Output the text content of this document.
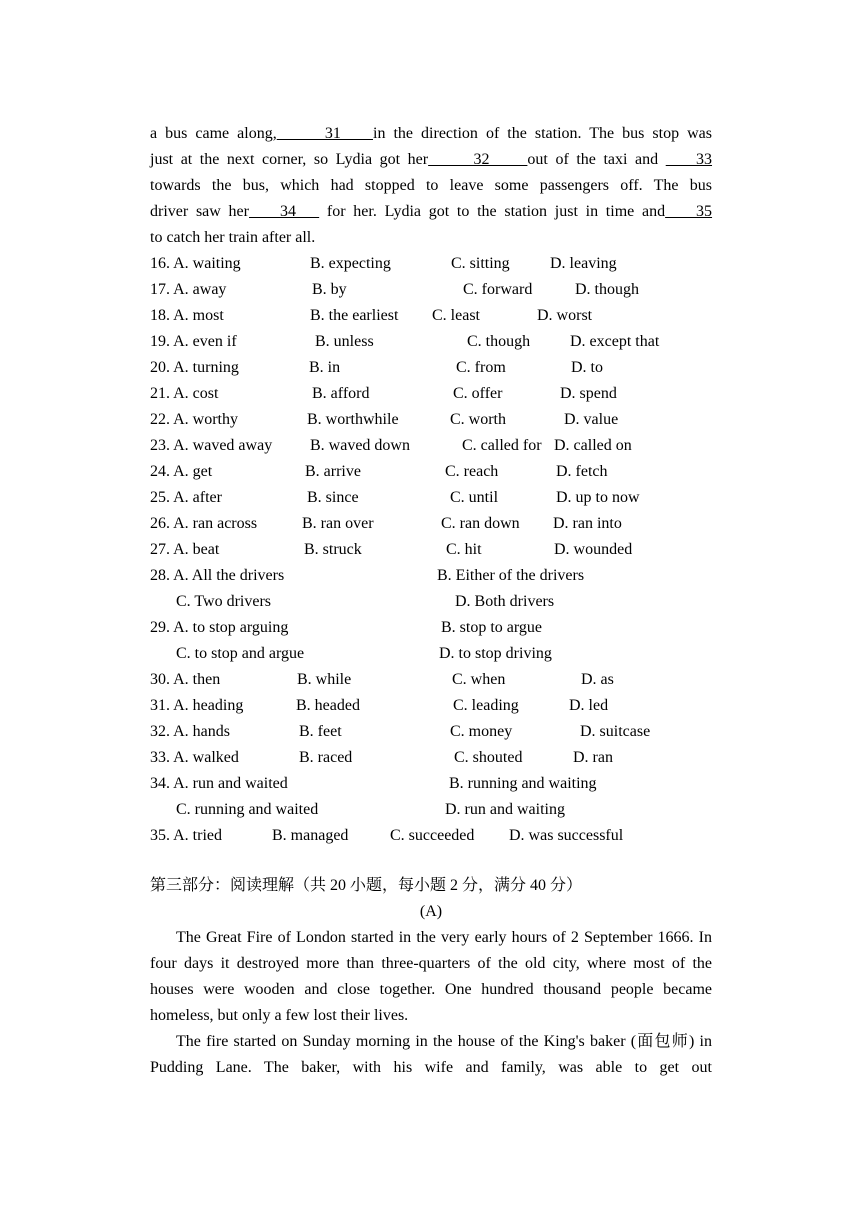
a bus came along,      31    in the direction of the station. The bus stop was

just at the next corner, so Lydia got her      32     out of the taxi and     33

towards the bus, which had stopped to leave some passengers off. The bus

driver saw her    34    for her. Lydia got to the station just in time and    35

to catch her train after all.

16. A. waiting	B. expecting	C. sitting	D. leaving
17. A. away	B. by	C. forward	D. though
18. A. most	B. the earliest C. least	D. worst
19. A. even if	B. unless	C. though D. except that
20. A. turning	B. in	C. from	D. to
21. A. cost	B. afford	C. offer	D. spend
22. A. worthy	B. worthwhile	C. worth	D. value
23. A. waved away B. waved down	C. called for D. called on
24. A. get	B. arrive	C. reach	D. fetch
25. A. after	B. since	C. until	D. up to now
26. A. ran across	B. ran over	C. ran down D. ran into
27. A. beat	B. struck	C. hit	D. wounded
28. A. All the drivers	B. Either of the drivers
C. Two drivers	D. Both drivers
29. A. to stop arguing	B. stop to argue
C. to stop and argue	D. to stop driving
30. A. then	B. while	C. when	D. as
31. A. heading	B. headed	C. leading	D. led
32. A. hands	B. feet	C. money	D. suitcase
33. A. walked	B. raced	C. shouted	D. ran
34. A. run and waited	B. running and waiting
C. running and waited	D. run and waiting
35. A. tried	B. managed	C. succeeded D. was successful
第三部分：阅读理解（共 20 小题，每小题 2 分，满分 40 分）
(A)

The Great Fire of London started in the very early hours of 2 September 1666. In four days it destroyed more than three-quarters of the old city, where most of the houses were wooden and close together. One hundred thousand people became homeless, but only a few lost their lives.

The fire started on Sunday morning in the house of the King's baker (面包师) in Pudding Lane. The baker, with his wife and family, was able to get out
